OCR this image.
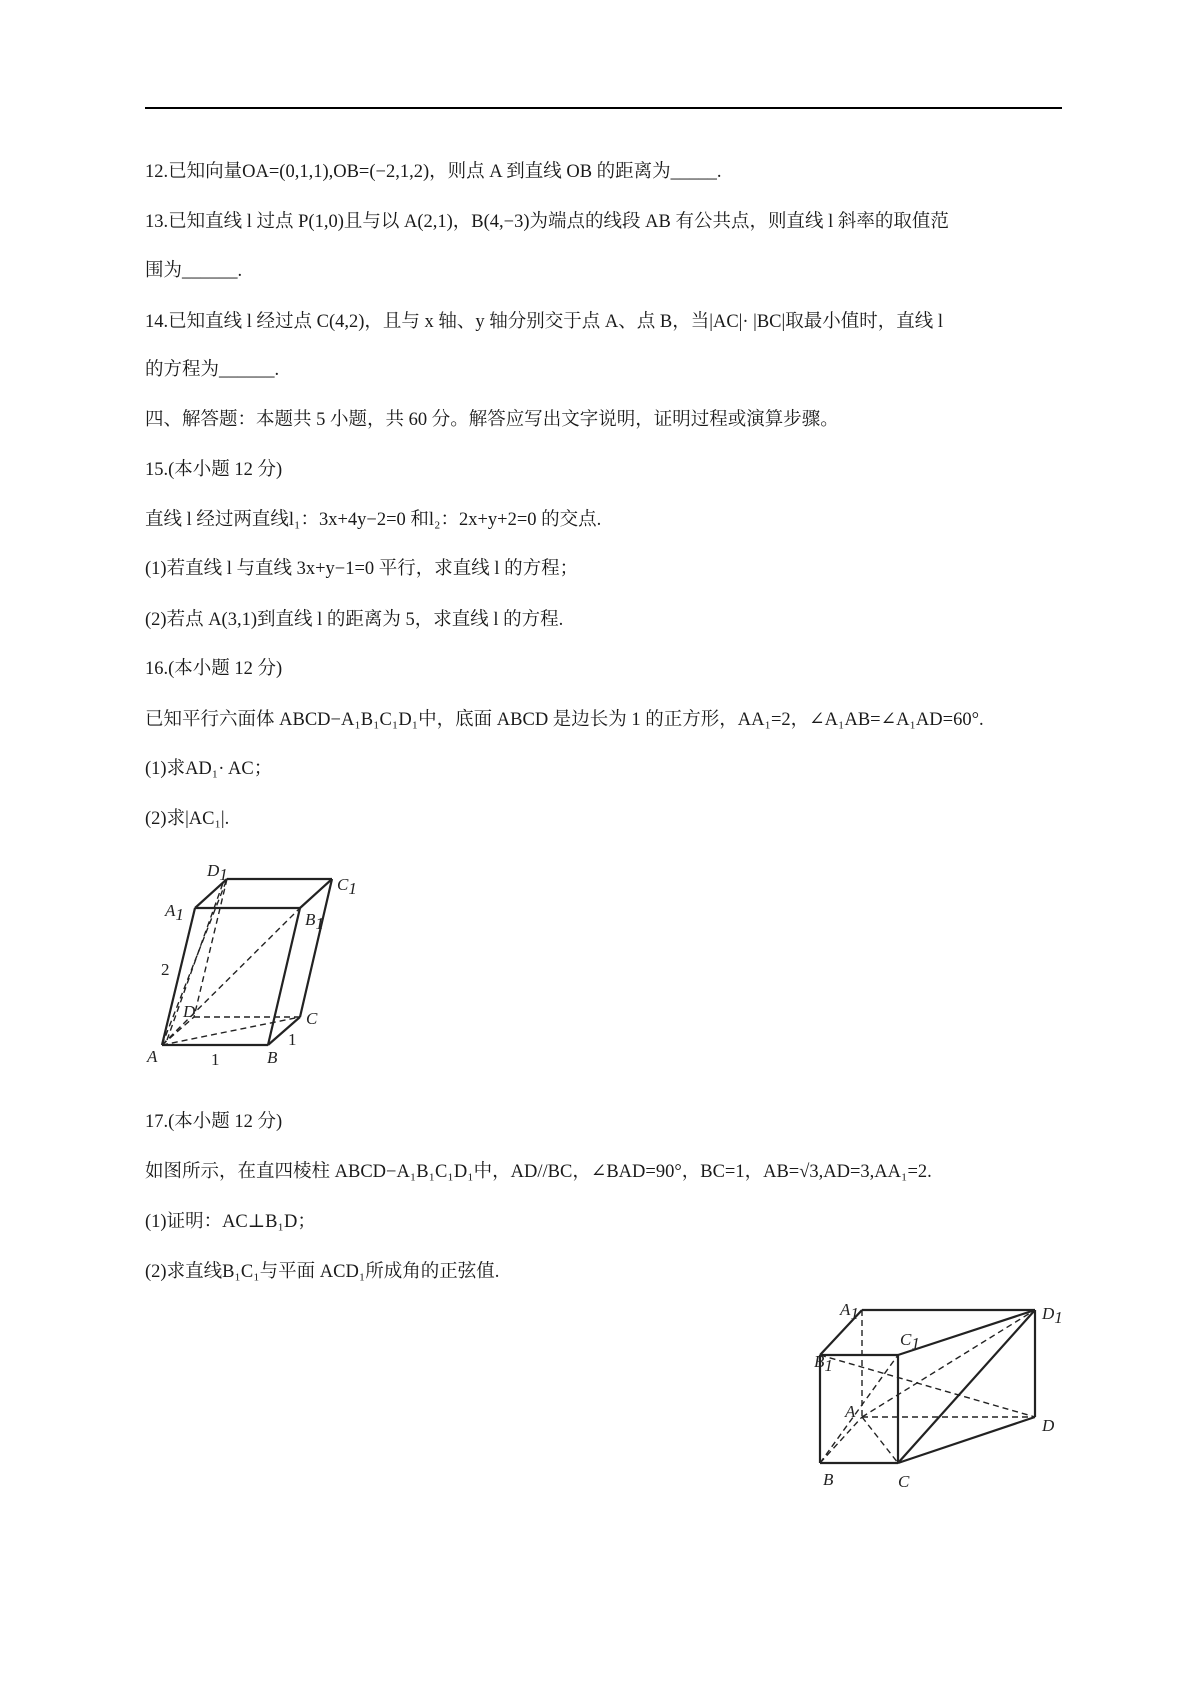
12.已知向量OA=(0,1,1),OB=(−2,1,2)，则点 A 到直线 OB 的距离为_____.
13.已知直线 l 过点 P(1,0)且与以 A(2,1)，B(4,−3)为端点的线段 AB 有公共点，则直线 l 斜率的取值范
围为______.
14.已知直线 l 经过点 C(4,2)，且与 x 轴、y 轴分别交于点 A、点 B，当|AC|· |BC|取最小值时，直线 l
的方程为______.
四、解答题：本题共 5 小题，共 60 分。解答应写出文字说明，证明过程或演算步骤。
15.(本小题 12 分)
直线 l 经过两直线l₁：3x+4y−2=0 和l₂：2x+y+2=0 的交点.
(1)若直线 l 与直线 3x+y−1=0 平行，求直线 l 的方程；
(2)若点 A(3,1)到直线 l 的距离为 5，求直线 l 的方程.
16.(本小题 12 分)
已知平行六面体 ABCD−A₁B₁C₁D₁中，底面 ABCD 是边长为 1 的正方形，AA₁=2，∠A₁AB=∠A₁AD=60°.
(1)求AD₁· AC；
(2)求|AC₁|.
D1
C1
A1	B1
D	C
A	B
2
1
1
17.(本小题 12 分)
如图所示，在直四棱柱 ABCD−A₁B₁C₁D₁中，AD//BC，∠BAD=90°，BC=1，AB=√3,AD=3,AA₁=2.
(1)证明：AC⊥B₁D；
(2)求直线B₁C₁与平面 ACD₁所成角的正弦值.
A1	D1
C1
B1
A
D
B	C
